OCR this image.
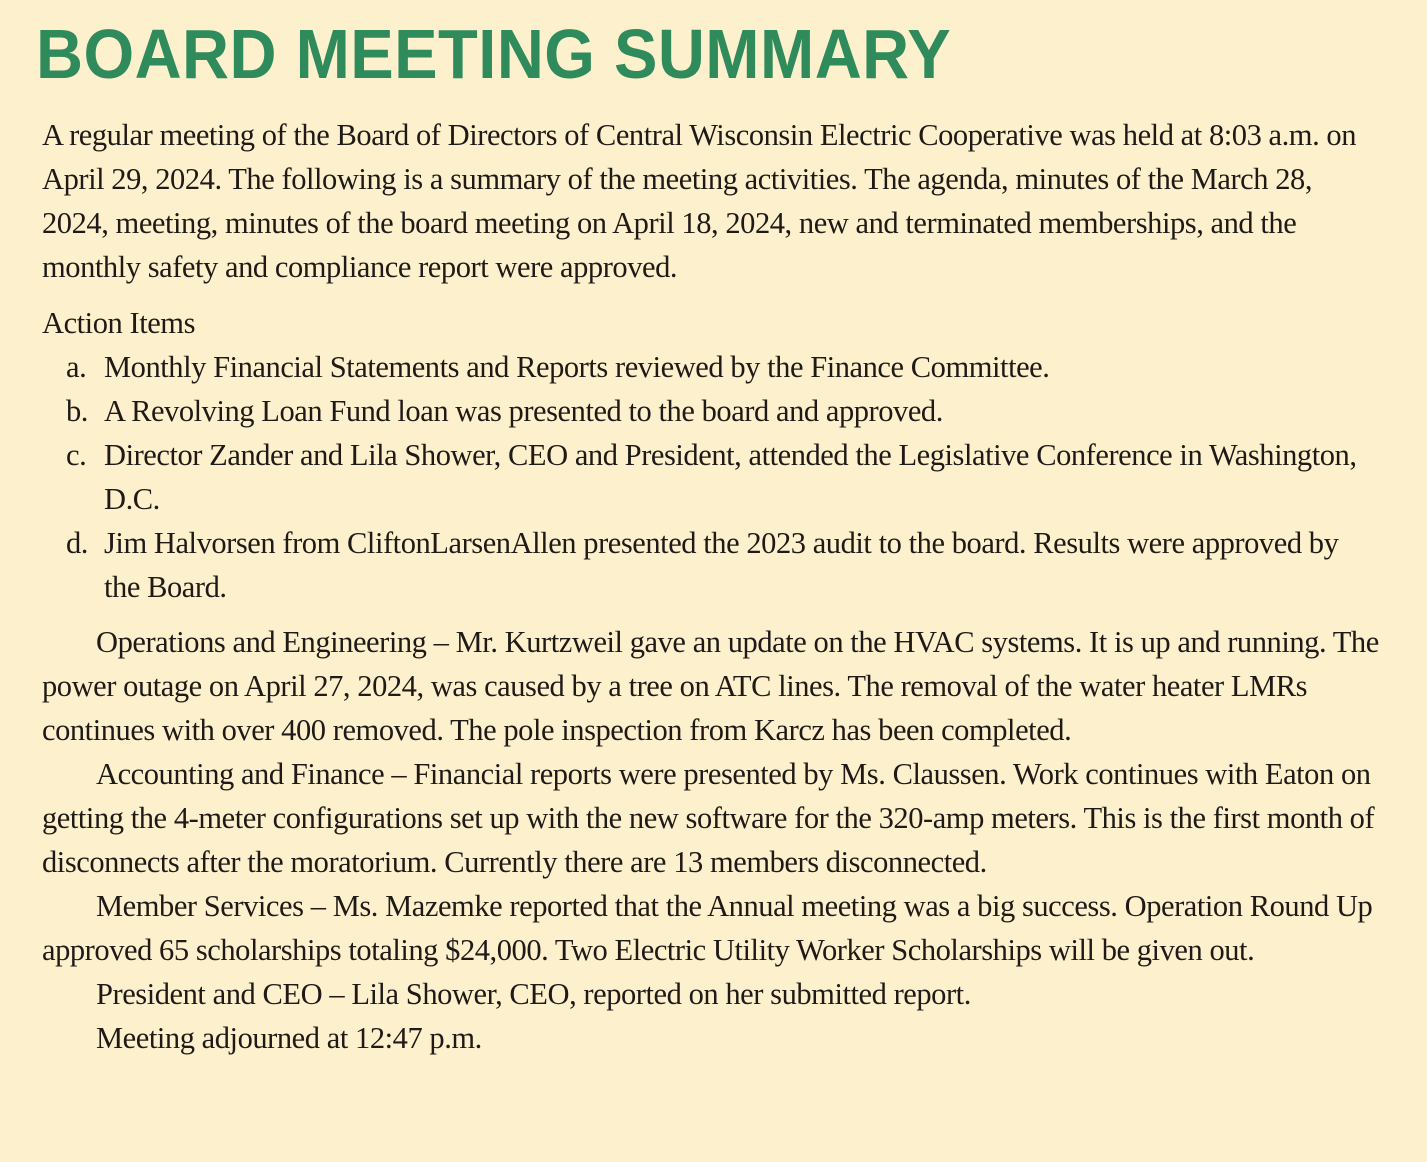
BOARD MEETING SUMMARY

A regular meeting of the Board of Directors of Central Wisconsin Electric Cooperative was held at 8:03 a.m. on April 29, 2024. The following is a summary of the meeting activities. The agenda, minutes of the March 28, 2024, meeting, minutes of the board meeting on April 18, 2024, new and terminated memberships, and the monthly safety and compliance report were approved.

Action Items
a. Monthly Financial Statements and Reports reviewed by the Finance Committee.
b. A Revolving Loan Fund loan was presented to the board and approved.
c. Director Zander and Lila Shower, CEO and President, attended the Legislative Conference in Washington, D.C.
d. Jim Halvorsen from CliftonLarsenAllen presented the 2023 audit to the board. Results were approved by the Board.

Operations and Engineering – Mr. Kurtzweil gave an update on the HVAC systems. It is up and running. The power outage on April 27, 2024, was caused by a tree on ATC lines. The removal of the water heater LMRs continues with over 400 removed. The pole inspection from Karcz has been completed.

Accounting and Finance – Financial reports were presented by Ms. Claussen. Work continues with Eaton on getting the 4-meter configurations set up with the new software for the 320-amp meters. This is the first month of disconnects after the moratorium. Currently there are 13 members disconnected.

Member Services – Ms. Mazemke reported that the Annual meeting was a big success. Operation Round Up approved 65 scholarships totaling $24,000. Two Electric Utility Worker Scholarships will be given out.

President and CEO – Lila Shower, CEO, reported on her submitted report.

Meeting adjourned at 12:47 p.m.
